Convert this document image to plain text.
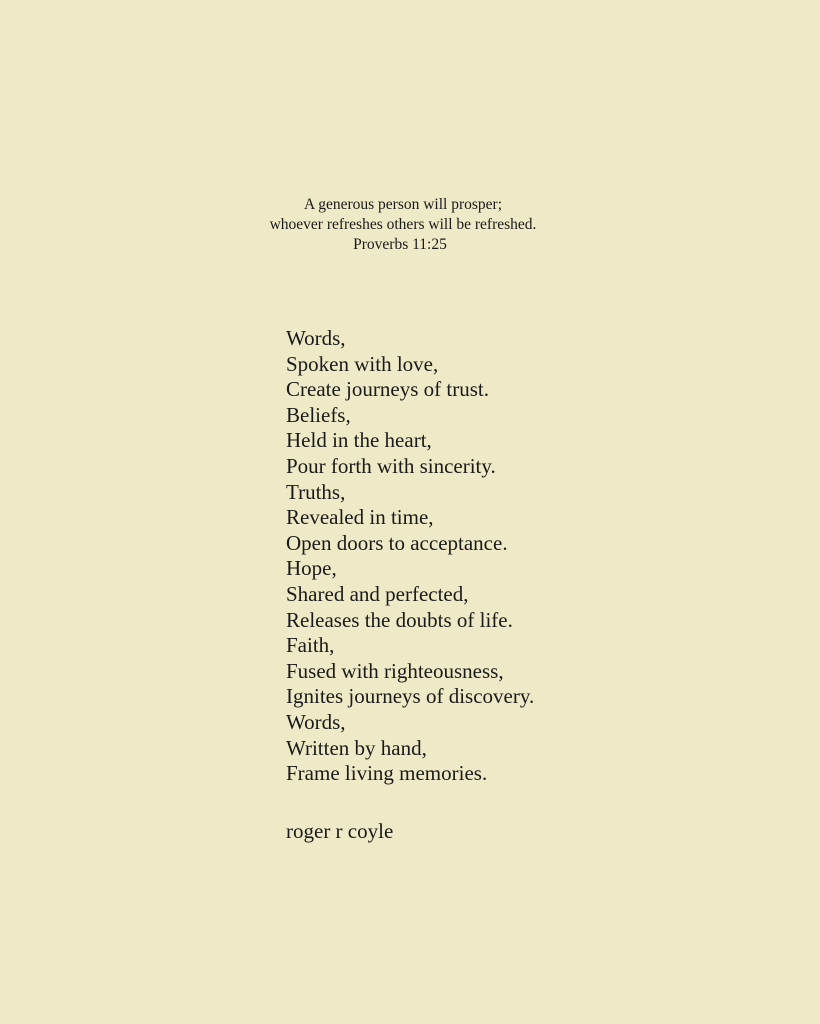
A generous person will prosper;
whoever refreshes others will be refreshed.
Proverbs 11:25
Words,
Spoken with love,
Create journeys of trust.
Beliefs,
Held in the heart,
Pour forth with sincerity.
Truths,
Revealed in time,
Open doors to acceptance.
Hope,
Shared and perfected,
Releases the doubts of life.
Faith,
Fused with righteousness,
Ignites journeys of discovery.
Words,
Written by hand,
Frame living memories.
roger r coyle
